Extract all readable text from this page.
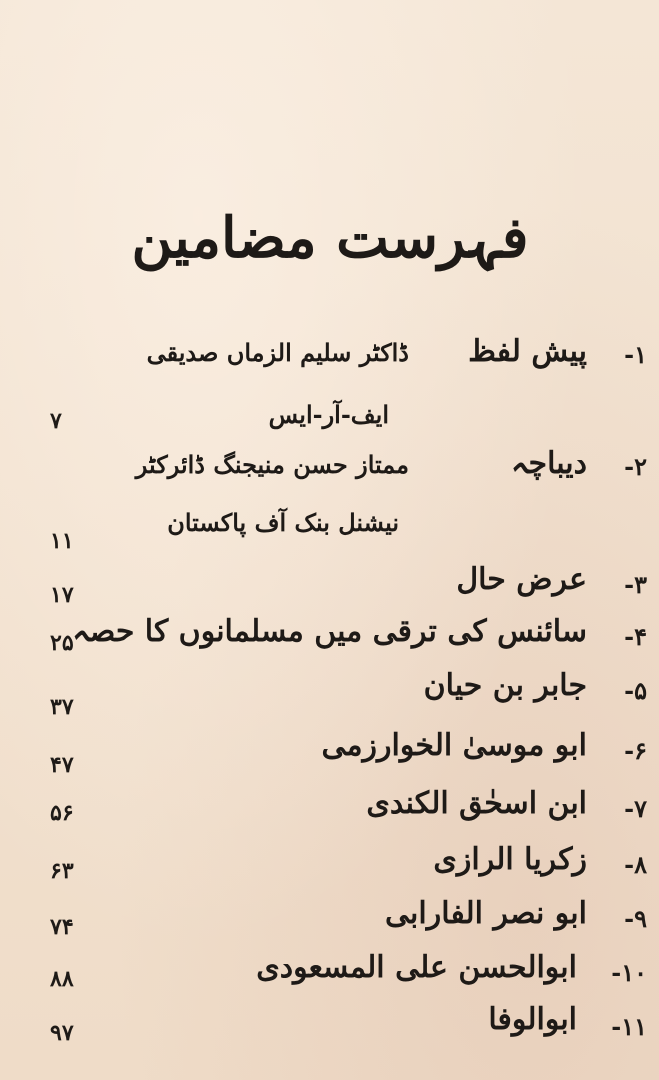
فہرست مضامین
۱-
پیش لفظ
ڈاکٹر سلیم الزماں صدیقی
ایف-آر-ایس
۷
۲-
دیباچہ
ممتاز حسن منیجنگ ڈائرکٹر
نیشنل بنک آف پاکستان
۱۱
۳-
عرض حال
۱۷
۴-
سائنس کی ترقی میں مسلمانوں کا حصہ
۲۵
۵-
جابر بن حیان
۳۷
۶-
ابو موسیٰ الخوارزمی
۴۷
۷-
ابن اسحٰق الکندی
۵۶
۸-
زکریا الرازی
۶۳
۹-
ابو نصر الفارابی
۷۴
۱۰-
ابوالحسن علی المسعودی
۸۸
۱۱-
ابوالوفا
۹۷
